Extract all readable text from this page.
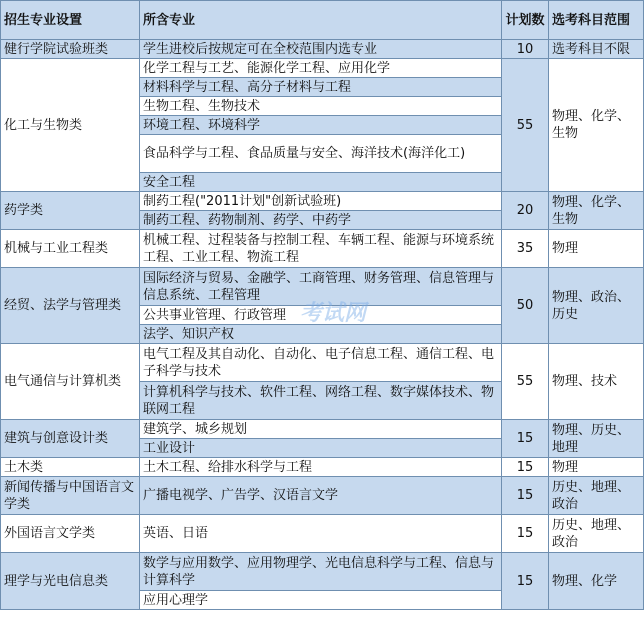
招生专业设置	所含专业	计划数	选考科目范围
健行学院试验班类	学生进校后按规定可在全校范围内选专业	10	选考科目不限
化工与生物类	化学工程与工艺、能源化学工程、应用化学	55	物理、化学、生物
	材料科学与工程、高分子材料与工程		
	生物工程、生物技术		
	环境工程、环境科学		
	食品科学与工程、食品质量与安全、海洋技术(海洋化工)		
	安全工程		
药学类	制药工程("2011计划"创新试验班)	20	物理、化学、生物
	制药工程、药物制剂、药学、中药学		
机械与工业工程类	机械工程、过程装备与控制工程、车辆工程、能源与环境系统工程、工业工程、物流工程	35	物理
经贸、法学与管理类	国际经济与贸易、金融学、工商管理、财务管理、信息管理与信息系统、工程管理	50	物理、政治、历史
	公共事业管理、行政管理		
	法学、知识产权		
电气通信与计算机类	电气工程及其自动化、自动化、电子信息工程、通信工程、电子科学与技术	55	物理、技术
	计算机科学与技术、软件工程、网络工程、数字媒体技术、物联网工程		
建筑与创意设计类	建筑学、城乡规划	15	物理、历史、地理
	工业设计		
土木类	土木工程、给排水科学与工程	15	物理
新闻传播与中国语言文学类	广播电视学、广告学、汉语言文学	15	历史、地理、政治
外国语言文学类	英语、日语	15	历史、地理、政治
理学与光电信息类	数学与应用数学、应用物理学、光电信息科学与工程、信息与计算科学	15	物理、化学
	应用心理学		
考试网
